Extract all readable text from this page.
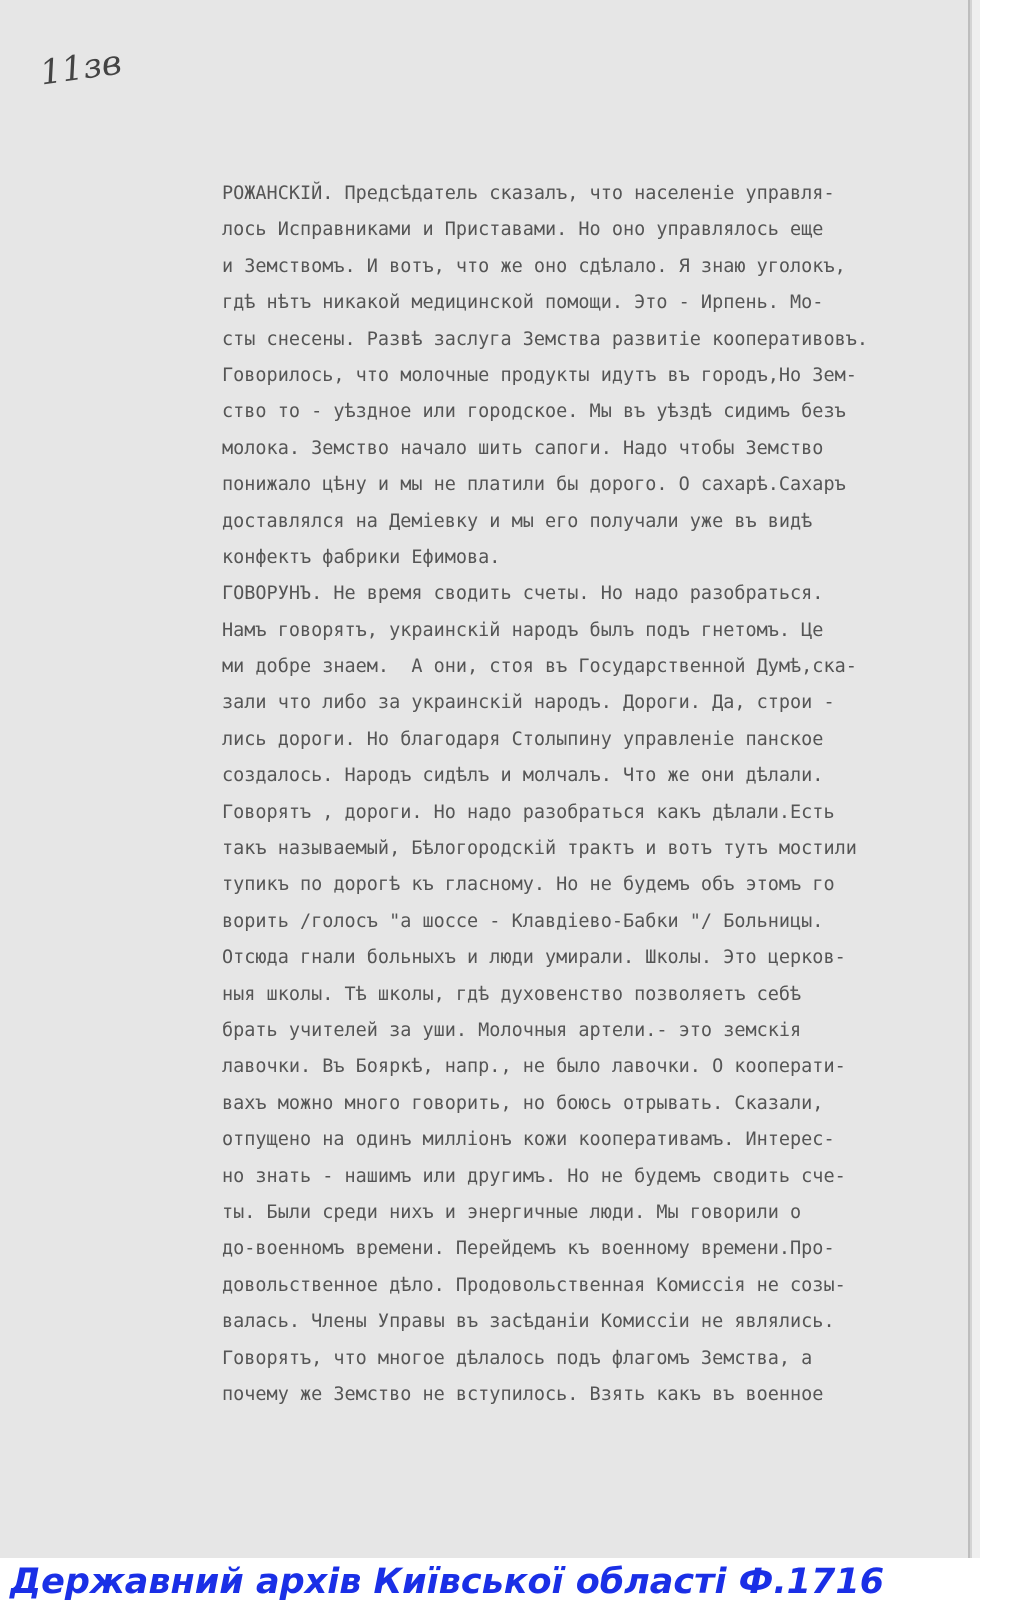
11зв
РОЖАНСКІЙ. Предсѣдатель сказалъ, что населеніе управля-
лось Исправниками и Приставами. Но оно управлялось еще
и Земствомъ. И вотъ, что же оно сдѣлало. Я знаю уголокъ,
гдѣ нѣтъ никакой медицинской помощи. Это - Ирпень. Мо-
сты снесены. Развѣ заслуга Земства развитіе кооперативовъ.
Говорилось, что молочные продукты идутъ въ городъ,Но Зем-
ство то - уѣздное или городское. Мы въ уѣздѣ сидимъ безъ
молока. Земство начало шить сапоги. Надо чтобы Земство
понижало цѣну и мы не платили бы дорого. О сахарѣ.Сахаръ
доставлялся на Демiевку и мы его получали уже въ видѣ
конфектъ фабрики Ефимова.
ГОВОРУНЪ. Не время сводить счеты. Но надо разобраться.
Намъ говорятъ, украинскiй народъ былъ подъ гнетомъ. Це
ми добре знаем.  А они, стоя въ Государственной Думѣ,ска-
зали что либо за украинскiй народъ. Дороги. Да, строи -
лись дороги. Но благодаря Столыпину управленiе панское
создалось. Народъ сидѣлъ и молчалъ. Что же они дѣлали.
Говорятъ , дороги. Но надо разобраться какъ дѣлали.Есть
такъ называемый, Бѣлогородскiй трактъ и вотъ тутъ мостили
тупикъ по дорогѣ къ гласному. Но не будемъ объ этомъ го
ворить /голосъ "а шоссе - Клавдiево-Бабки "/ Больницы.
Отсюда гнали больныхъ и люди умирали. Школы. Это церков-
ныя школы. Тѣ школы, гдѣ духовенство позволяетъ себѣ
брать учителей за уши. Молочныя артели.- это земскiя
лавочки. Въ Бояркѣ, напр., не было лавочки. О кооперати-
вахъ можно много говорить, но боюсь отрывать. Сказали,
отпущено на одинъ миллiонъ кожи кооперативамъ. Интерес-
но знать - нашимъ или другимъ. Но не будемъ сводить сче-
ты. Были среди нихъ и энергичные люди. Мы говорили о
до-военномъ времени. Перейдемъ къ военному времени.Про-
довольственное дѣло. Продовольственная Комиссiя не созы-
валась. Члены Управы въ засѣданiи Комиссiи не являлись.
Говорятъ, что многое дѣлалось подъ флагомъ Земства, а
почему же Земство не вступилось. Взять какъ въ военное
Державний архів Київської області Ф.1716
